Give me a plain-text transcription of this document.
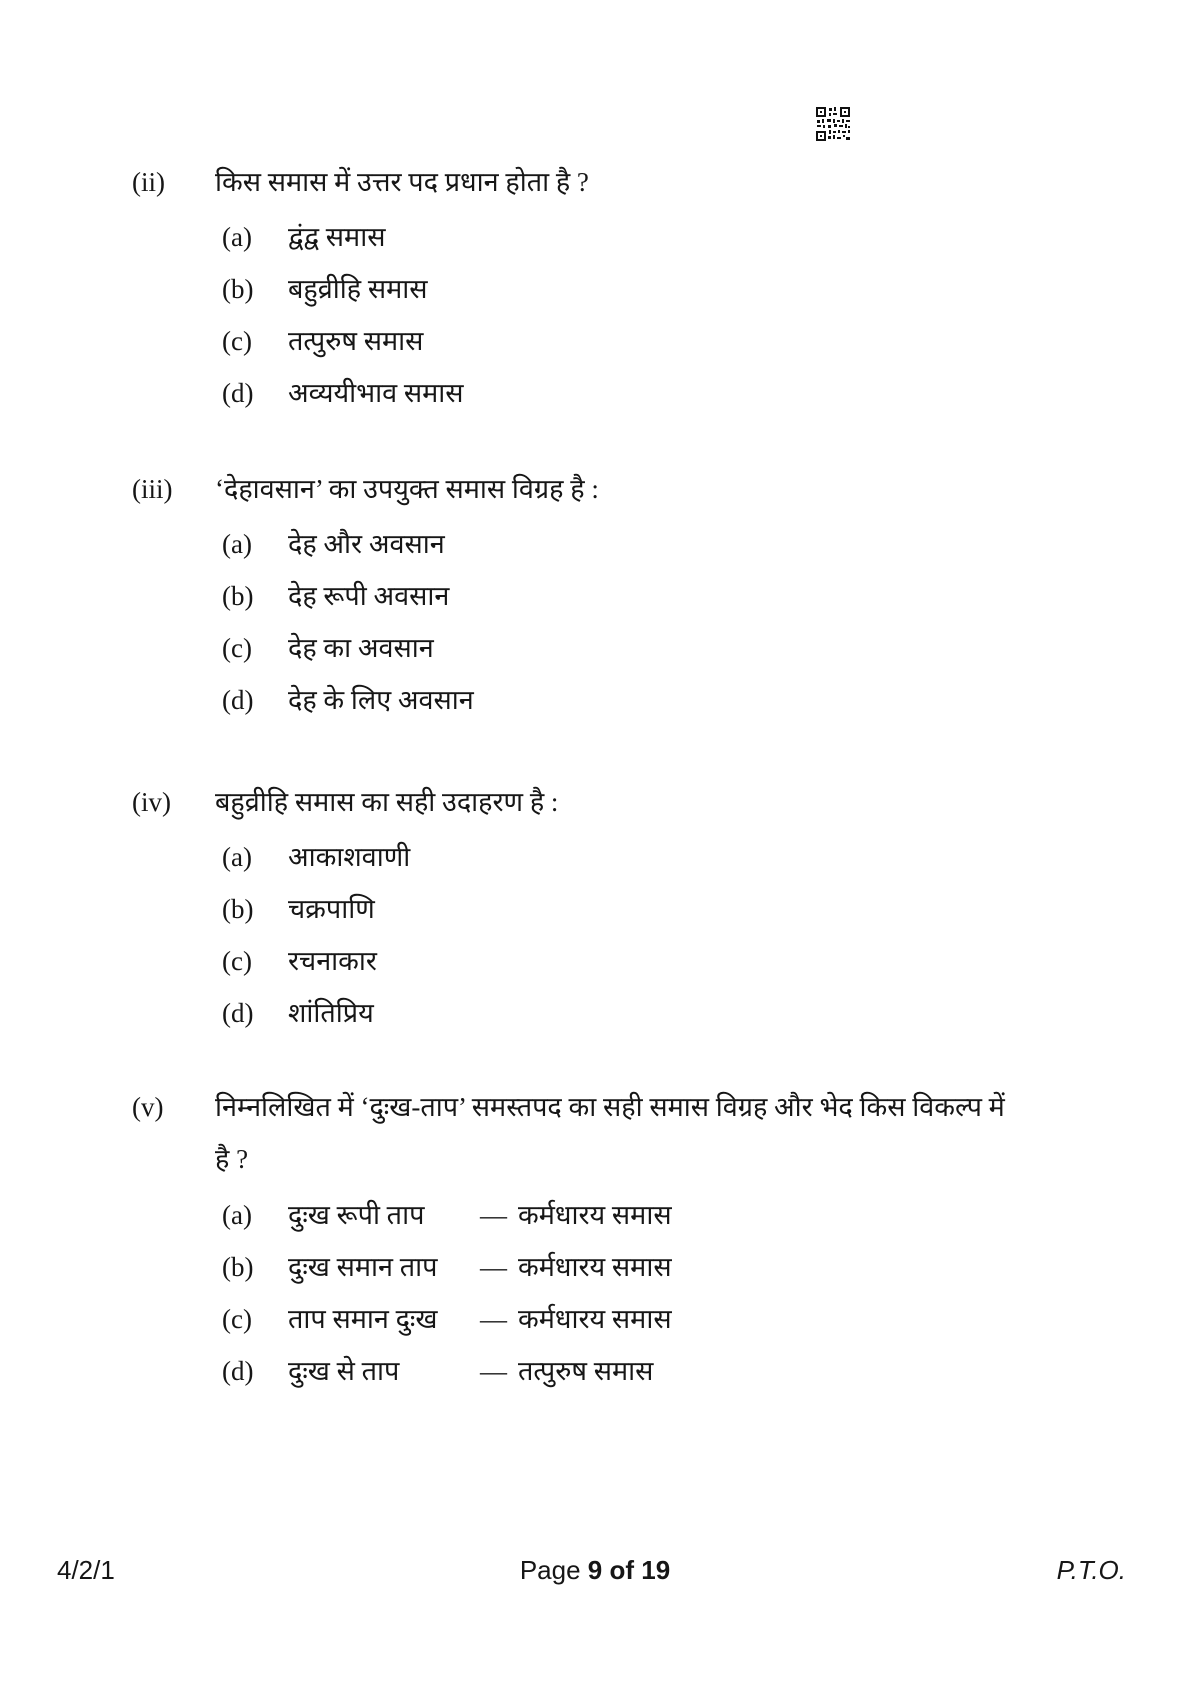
(ii)	किस समास में उत्तर पद प्रधान होता है ?
(a)	द्वंद्व समास
(b)	बहुव्रीहि समास
(c)	तत्पुरुष समास
(d)	अव्ययीभाव समास
(iii)	‘देहावसान’ का उपयुक्त समास विग्रह है :
(a)	देह और अवसान
(b)	देह रूपी अवसान
(c)	देह का अवसान
(d)	देह के लिए अवसान
(iv)	बहुव्रीहि समास का सही उदाहरण है :
(a)	आकाशवाणी
(b)	चक्रपाणि
(c)	रचनाकार
(d)	शांतिप्रिय
(v)	निम्नलिखित में ‘दुःख-ताप’ समस्तपद का सही समास विग्रह और भेद किस विकल्प में है ?
(a)	दुःख रूपी ताप	— कर्मधारय समास
(b)	दुःख समान ताप	— कर्मधारय समास
(c)	ताप समान दुःख	— कर्मधारय समास
(d)	दुःख से ताप	— तत्पुरुष समास
4/2/1	Page 9 of 19	P.T.O.
